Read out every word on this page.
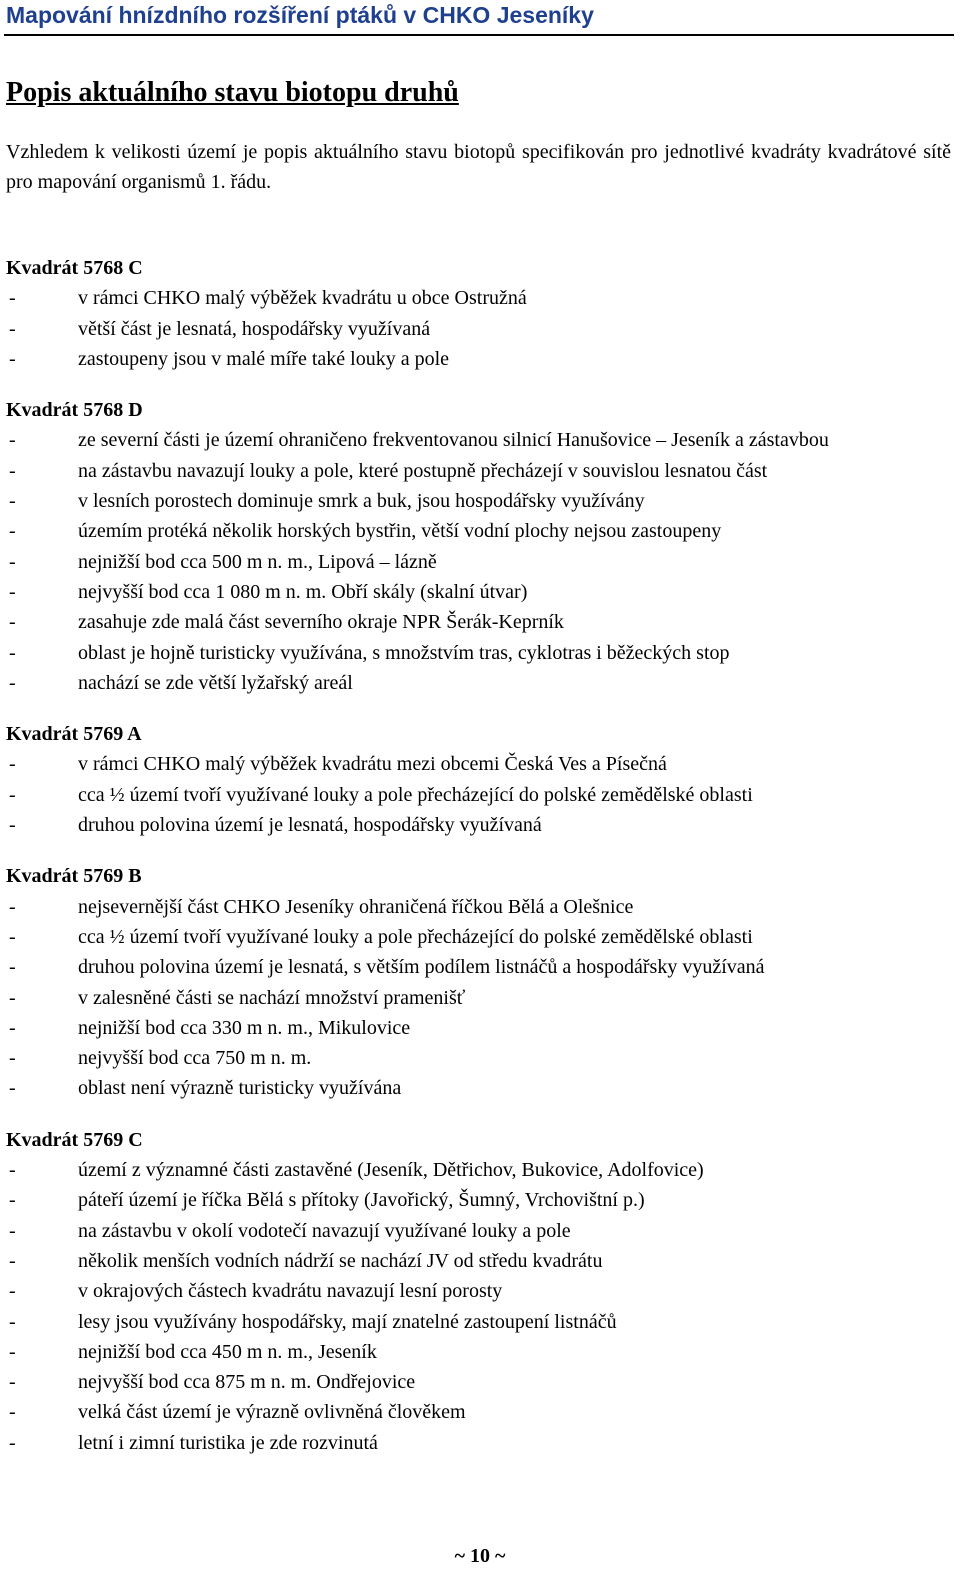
Mapování hnízdního rozšíření ptáků v CHKO Jeseníky
Popis aktuálního stavu biotopu druhů

Vzhledem k velikosti území je popis aktuálního stavu biotopů specifikován pro jednotlivé kvadráty kvadrátové sítě pro mapování organismů 1. řádu.

Kvadrát 5768 C
-	v rámci CHKO malý výběžek kvadrátu u obce Ostružná
-	větší část je lesnatá, hospodářsky využívaná
-	zastoupeny jsou v malé míře také louky a pole
Kvadrát 5768 D
-	ze severní části je území ohraničeno frekventovanou silnicí Hanušovice – Jeseník a zástavbou
-	na zástavbu navazují louky a pole, které postupně přecházejí v souvislou lesnatou část
-	v lesních porostech dominuje smrk a buk, jsou hospodářsky využívány
-	územím protéká několik horských bystřin, větší vodní plochy nejsou zastoupeny
-	nejnižší bod cca 500 m n. m., Lipová – lázně
-	nejvyšší bod cca 1 080 m n. m. Obří skály (skalní útvar)
-	zasahuje zde malá část severního okraje NPR Šerák-Keprník
-	oblast je hojně turisticky využívána, s množstvím tras, cyklotras i běžeckých stop
-	nachází se zde větší lyžařský areál
Kvadrát 5769 A
-	v rámci CHKO malý výběžek kvadrátu mezi obcemi Česká Ves a Písečná
-	cca ½ území tvoří využívané louky a pole přecházející do polské zemědělské oblasti
-	druhou polovina území je lesnatá, hospodářsky využívaná
Kvadrát 5769 B
-	nejsevernější část CHKO Jeseníky ohraničená říčkou Bělá a Olešnice
-	cca ½ území tvoří využívané louky a pole přecházející do polské zemědělské oblasti
-	druhou polovina území je lesnatá, s větším podílem listnáčů a hospodářsky využívaná
-	v zalesněné části se nachází množství pramenišť
-	nejnižší bod cca 330 m n. m., Mikulovice
-	nejvyšší bod cca 750 m n. m.
-	oblast není výrazně turisticky využívána
Kvadrát 5769 C
-	území z významné části zastavěné (Jeseník, Dětřichov, Bukovice, Adolfovice)
-	páteří území je říčka Bělá s přítoky (Javořický, Šumný, Vrchovištní p.)
-	na zástavbu v okolí vodotečí navazují využívané louky a pole
-	několik menších vodních nádrží se nachází JV od středu kvadrátu
-	v okrajových částech kvadrátu navazují lesní porosty
-	lesy jsou využívány hospodářsky, mají znatelné zastoupení listnáčů
-	nejnižší bod cca 450 m n. m., Jeseník
-	nejvyšší bod cca 875 m n. m. Ondřejovice
-	velká část území je výrazně ovlivněná člověkem
-	letní i zimní turistika je zde rozvinutá
~ 10 ~
